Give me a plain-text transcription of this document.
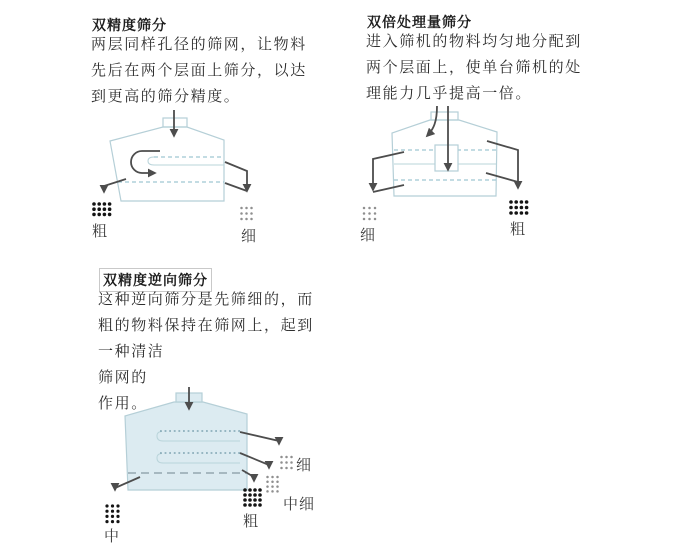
双精度筛分
两层同样孔径的筛网，让物料
先后在两个层面上筛分，以达
到更高的筛分精度。
双倍处理量筛分
进入筛机的物料均匀地分配到
两个层面上，使单台筛机的处
理能力几乎提高一倍。
双精度逆向筛分
这种逆向筛分是先筛细的，而
粗的物料保持在筛网上，起到
一种清洁
筛网的
作用。
粗	细	细	粗
细
中细
粗
中
